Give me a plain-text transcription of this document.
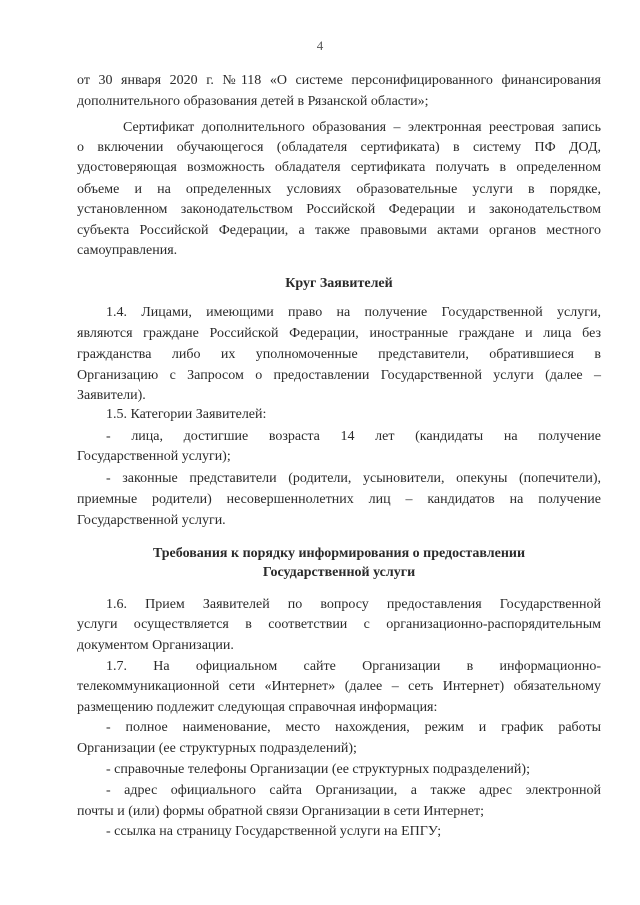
4
от 30 января 2020 г. №118 «О системе персонифицированного финансирования
дополнительного образования детей в Рязанской области»;
Сертификат дополнительного образования – электронная реестровая запись
о включении обучающегося (обладателя сертификата) в систему ПФ ДОД,
удостоверяющая возможность обладателя сертификата получать в определенном
объеме и на определенных условиях образовательные услуги в порядке,
установленном законодательством Российской Федерации и законодательством
субъекта Российской Федерации, а также правовыми актами органов местного
самоуправления.
Круг Заявителей
1.4. Лицами, имеющими право на получение Государственной услуги,
являются граждане Российской Федерации, иностранные граждане и лица без
гражданства либо их уполномоченные представители, обратившиеся в
Организацию с Запросом о предоставлении Государственной услуги (далее –
Заявители).
1.5. Категории Заявителей:
- лица, достигшие возраста 14 лет (кандидаты на получение
Государственной услуги);
- законные представители (родители, усыновители, опекуны (попечители),
приемные родители) несовершеннолетних лиц – кандидатов на получение
Государственной услуги.
Требования к порядку информирования о предоставлении
Государственной услуги
1.6. Прием Заявителей по вопросу предоставления Государственной
услуги осуществляется в соответствии с организационно-распорядительным
документом Организации.
1.7. На официальном сайте Организации в информационно-
телекоммуникационной сети «Интернет» (далее – сеть Интернет) обязательному
размещению подлежит следующая справочная информация:
- полное наименование, место нахождения, режим и график работы
Организации (ее структурных подразделений);
- справочные телефоны Организации (ее структурных подразделений);
- адрес официального сайта Организации, а также адрес электронной
почты и (или) формы обратной связи Организации в сети Интернет;
- ссылка на страницу Государственной услуги на ЕПГУ;
